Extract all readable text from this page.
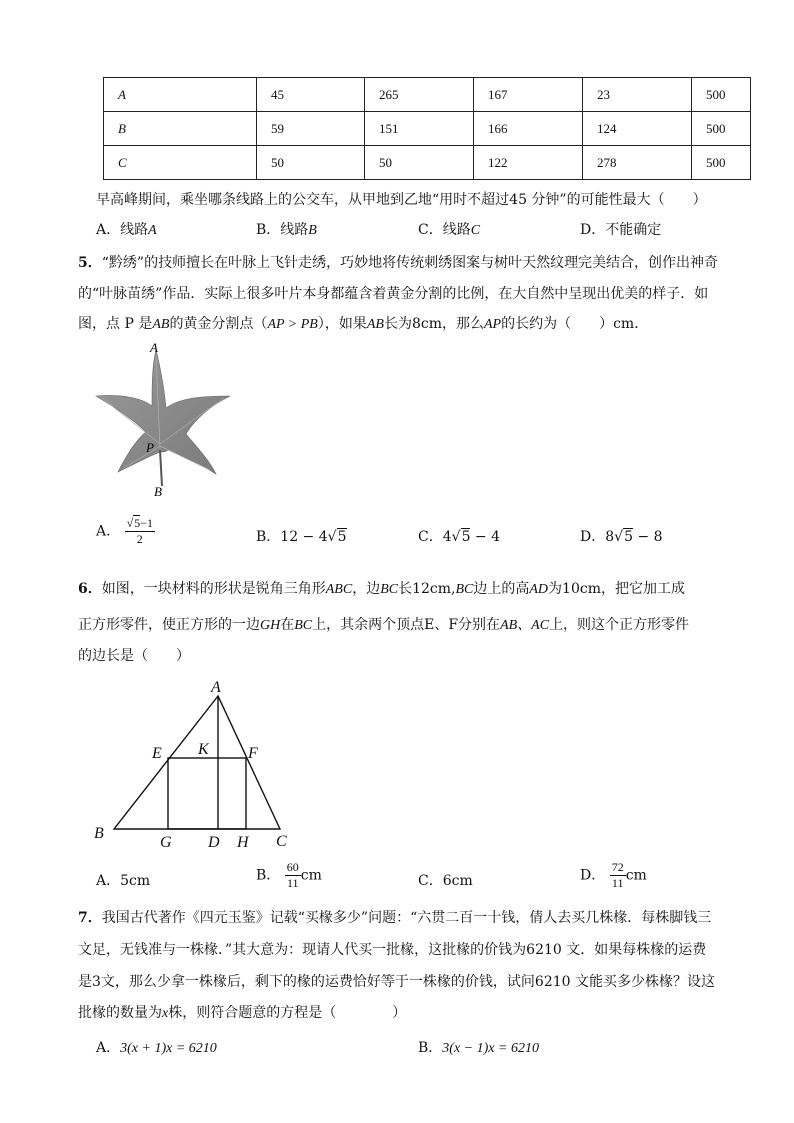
A	45	265	167	23	500
B	59	151	166	124	500
C	50	50	122	278	500
早高峰期间，乘坐哪条线路上的公交车，从甲地到乙地“用时不超过45 分钟”的可能性最大（　　）
A．线路A	B．线路B	C．线路C	D．不能确定
5．“黔绣”的技师擅长在叶脉上飞针走绣，巧妙地将传统刺绣图案与树叶天然纹理完美结合，创作出神奇
的“叶脉苗绣”作品．实际上很多叶片本身都蕴含着黄金分割的比例，在大自然中呈现出优美的样子．如
图，点 P 是AB的黄金分割点（AP > PB），如果AB长为8cm，那么AP的长约为（　　）cm．
A
P
B
A． $\frac{√5-1}{2}$	B．12 − 4√5	C．4√5 − 4	D．8√5 − 8
6．如图，一块材料的形状是锐角三角形ABC，边BC长12cm,BC边上的高AD为10cm，把它加工成
正方形零件，使正方形的一边GH在BC上，其余两个顶点E、F分别在AB、AC上，则这个正方形零件
的边长是（　　）
A
E K F
B
G D H C
A．5cm	B． $\frac{60}{11}$ cm	C．6cm	D． $\frac{72}{11}$ cm
7．我国古代著作《四元玉鉴》记载“买椽多少”问题：“六贯二百一十钱，倩人去买几株椽．每株脚钱三
文足，无钱准与一株椽．”其大意为：现请人代买一批椽，这批椽的价钱为6210 文．如果每株椽的运费
是3文，那么少拿一株椽后，剩下的椽的运费恰好等于一株椽的价钱，试问6210 文能买多少株椽？设这
批椽的数量为x株，则符合题意的方程是（　　　　）
A．3(x + 1)x = 6210	B．3(x − 1)x = 6210
